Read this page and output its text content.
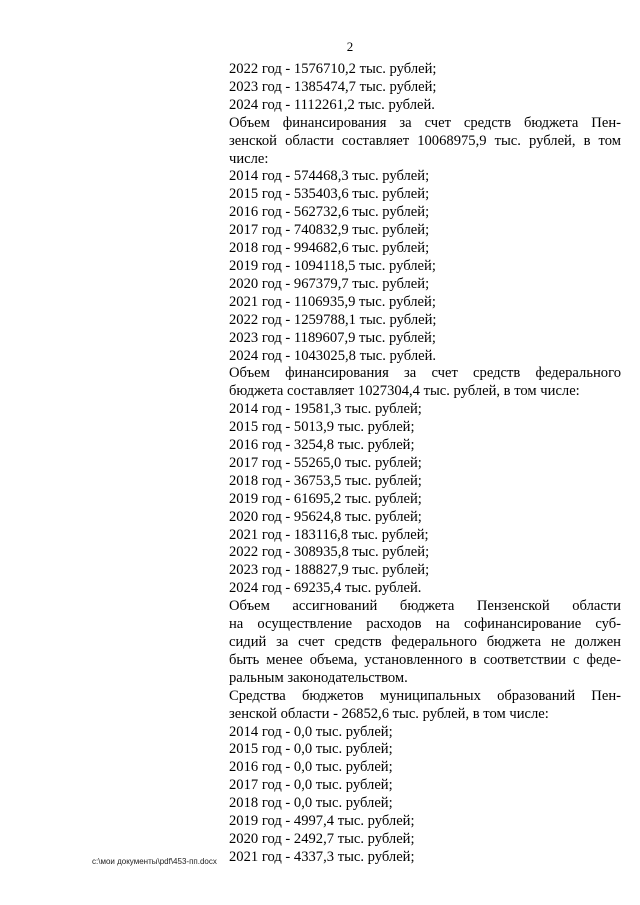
2
2022 год - 1576710,2 тыс. рублей;
2023 год - 1385474,7 тыс. рублей;
2024 год - 1112261,2 тыс. рублей.
Объем финансирования за счет средств бюджета Пен-
зенской области составляет 10068975,9 тыс. рублей, в том
числе:
2014 год - 574468,3 тыс. рублей;
2015 год - 535403,6 тыс. рублей;
2016 год - 562732,6 тыс. рублей;
2017 год - 740832,9 тыс. рублей;
2018 год - 994682,6 тыс. рублей;
2019 год - 1094118,5 тыс. рублей;
2020 год - 967379,7 тыс. рублей;
2021 год - 1106935,9 тыс. рублей;
2022 год - 1259788,1 тыс. рублей;
2023 год - 1189607,9 тыс. рублей;
2024 год - 1043025,8 тыс. рублей.
Объем финансирования за счет средств федерального
бюджета составляет 1027304,4 тыс. рублей, в том числе:
2014 год - 19581,3 тыс. рублей;
2015 год - 5013,9 тыс. рублей;
2016 год - 3254,8 тыс. рублей;
2017 год - 55265,0 тыс. рублей;
2018 год - 36753,5 тыс. рублей;
2019 год - 61695,2 тыс. рублей;
2020 год - 95624,8 тыс. рублей;
2021 год - 183116,8 тыс. рублей;
2022 год - 308935,8 тыс. рублей;
2023 год - 188827,9 тыс. рублей;
2024 год - 69235,4 тыс. рублей.
Объем ассигнований бюджета Пензенской области
на осуществление расходов на софинансирование суб-
сидий за счет средств федерального бюджета не должен
быть менее объема, установленного в соответствии с феде-
ральным законодательством.
Средства бюджетов муниципальных образований Пен-
зенской области - 26852,6 тыс. рублей, в том числе:
2014 год - 0,0 тыс. рублей;
2015 год - 0,0 тыс. рублей;
2016 год - 0,0 тыс. рублей;
2017 год - 0,0 тыс. рублей;
2018 год - 0,0 тыс. рублей;
2019 год - 4997,4 тыс. рублей;
2020 год - 2492,7 тыс. рублей;
2021 год - 4337,3 тыс. рублей;
c:\мои документы\pdf\453-пп.docx
